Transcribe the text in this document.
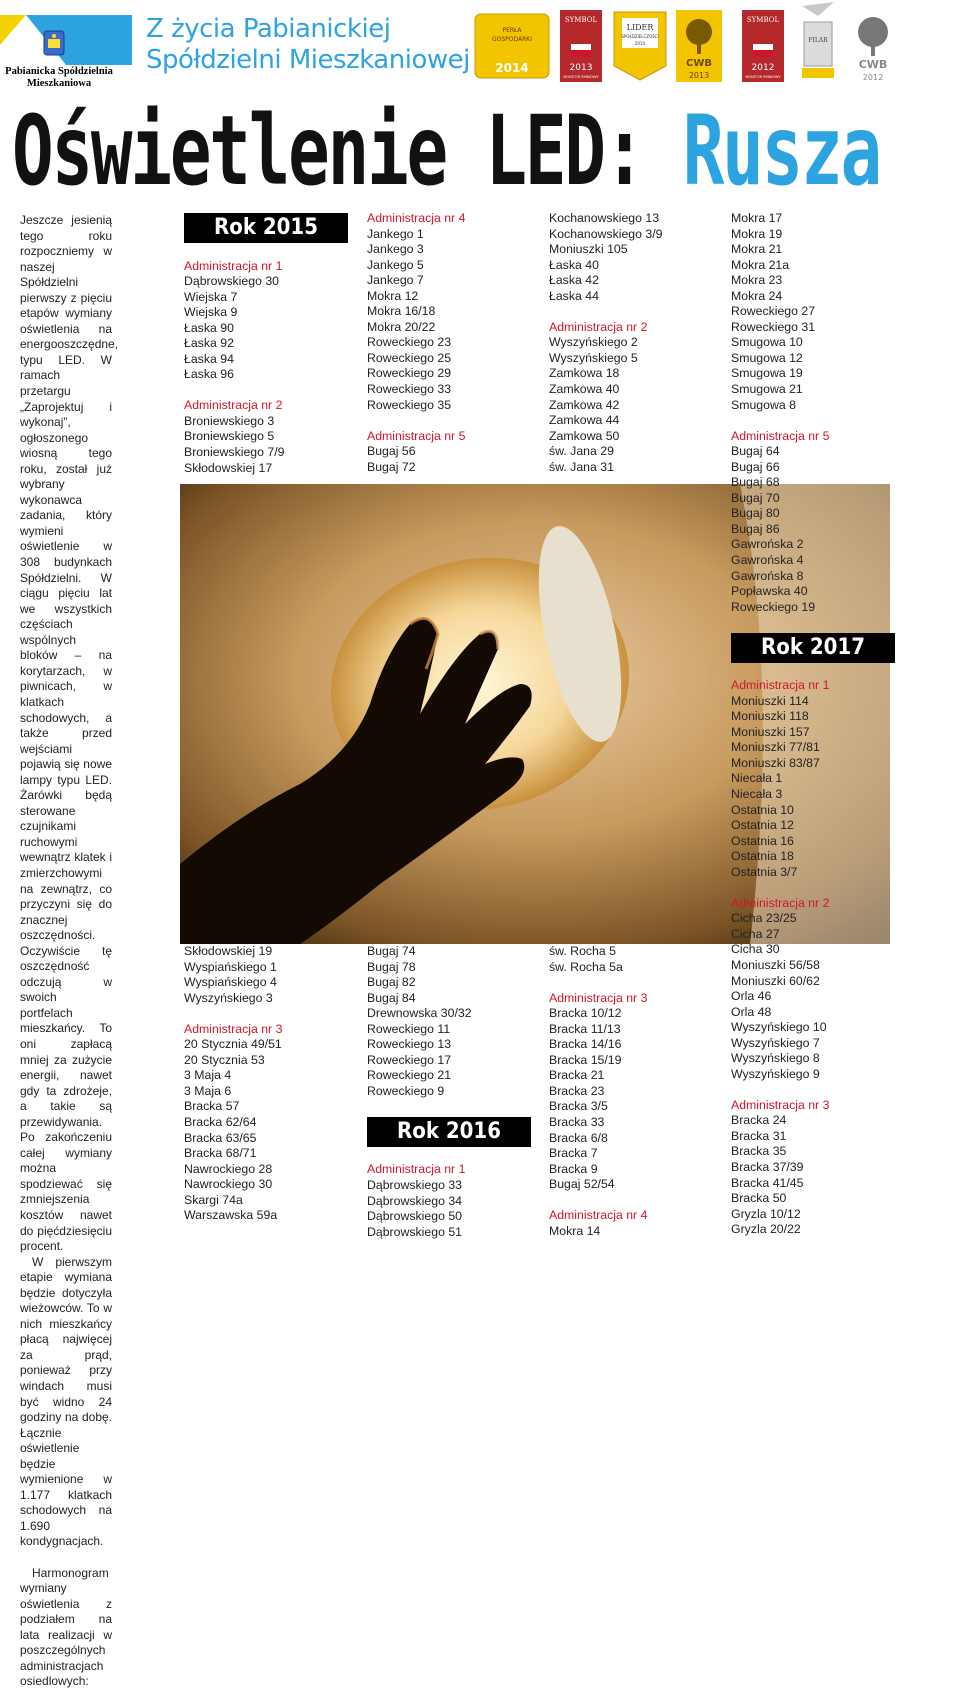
Pabianicka Spółdzielnia
Mieszkaniowa
Z życia Pabianickiej
Spółdzielni Mieszkaniowej
PERŁA
GOSPODARKI
2014
SYMBOL
2013
MONITOR RYNKOWY
LIDER
SPÓŁDZIELCZOŚCI
2014
CWB
2013
SYMBOL
2012
MONITOR RYNKOWY
FILAR
CWB
2012
Oświetlenie LED: Rusza

Jeszcze jesienią tego roku rozpoczniemy w naszej Spółdzielni pierwszy z pięciu etapów wymiany oświetlenia na energooszczędne, typu LED. W ramach przetargu „Zaprojektuj i wykonaj”, ogłoszonego wiosną tego roku, został już wybrany wykonawca zadania, który wymieni oświetlenie w 308 budynkach Spółdzielni. W ciągu pięciu lat we wszystkich częściach wspólnych bloków – na korytarzach, w piwnicach, w klatkach schodowych, a także przed wejściami pojawią się nowe lampy typu LED. Żarówki będą sterowane czujnikami ruchowymi wewnątrz klatek i zmierzchowymi na zewnątrz, co przyczyni się do znacznej oszczędności. Oczywiście tę oszczędność odczują w swoich portfelach mieszkańcy. To oni zapłacą mniej za zużycie energii, nawet gdy ta zdrożeje, a takie są przewidywania. Po zakończeniu całej wymiany można spodziewać się zmniejszenia kosztów nawet do pięćdziesięciu procent.

W pierwszym etapie wymiana będzie dotyczyła wieżowców. To w nich mieszkańcy płacą najwięcej za prąd, ponieważ przy windach musi być widno 24 godziny na dobę. Łącznie oświetlenie będzie wymienione w 1.177 klatkach schodowych na 1.690 kondygnacjach.

Harmonogram wymiany oświetlenia z podziałem na lata realizacji w poszczególnych administracjach osiedlowych:

Rok 2015
Administracja nr 1
Dąbrowskiego 30
Wiejska 7
Wiejska 9
Łaska 90
Łaska 92
Łaska 94
Łaska 96
Administracja nr 2
Broniewskiego 3
Broniewskiego 5
Broniewskiego 7/9
Skłodowskiej 17
Skłodowskiej 19
Wyspiańskiego 1
Wyspiańskiego 4
Wyszyńskiego 3
Administracja nr 3
20 Stycznia 49/51
20 Stycznia 53
3 Maja 4
3 Maja 6
Bracka 57
Bracka 62/64
Bracka 63/65
Bracka 68/71
Nawrockiego 28
Nawrockiego 30
Skargi 74a
Warszawska 59a
Administracja nr 4
Jankego 1
Jankego 3
Jankego 5
Jankego 7
Mokra 12
Mokra 16/18
Mokra 20/22
Roweckiego 23
Roweckiego 25
Roweckiego 29
Roweckiego 33
Roweckiego 35
Administracja nr 5
Bugaj 56
Bugaj 72
Bugaj 74
Bugaj 78
Bugaj 82
Bugaj 84
Drewnowska 30/32
Roweckiego 11
Roweckiego 13
Roweckiego 17
Roweckiego 21
Roweckiego 9
Rok 2016
Administracja nr 1
Dąbrowskiego 33
Dąbrowskiego 34
Dąbrowskiego 50
Dąbrowskiego 51
Kochanowskiego 13
Kochanowskiego 3/9
Moniuszki 105
Łaska 40
Łaska 42
Łaska 44
Administracja nr 2
Wyszyńskiego 2
Wyszyńskiego 5
Zamkowa 18
Zamkowa 40
Zamkowa 42
Zamkowa 44
Zamkowa 50
św. Jana 29
św. Jana 31
św. Rocha 5
św. Rocha 5a
Administracja nr 3
Bracka 10/12
Bracka 11/13
Bracka 14/16
Bracka 15/19
Bracka 21
Bracka 23
Bracka 3/5
Bracka 33
Bracka 6/8
Bracka 7
Bracka 9
Bugaj 52/54
Administracja nr 4
Mokra 14
Mokra 17
Mokra 19
Mokra 21
Mokra 21a
Mokra 23
Mokra 24
Roweckiego 27
Roweckiego 31
Smugowa 10
Smugowa 12
Smugowa 19
Smugowa 21
Smugowa 8
Administracja nr 5
Bugaj 64
Bugaj 66
Bugaj 68
Bugaj 70
Bugaj 80
Bugaj 86
Gawrońska 2
Gawrońska 4
Gawrońska 8
Popławska 40
Roweckiego 19
Rok 2017
Administracja nr 1
Moniuszki 114
Moniuszki 118
Moniuszki 157
Moniuszki 77/81
Moniuszki 83/87
Niecała 1
Niecała 3
Ostatnia 10
Ostatnia 12
Ostatnia 16
Ostatnia 18
Ostatnia 3/7
Administracja nr 2
Cicha 23/25
Cicha 27
Cicha 30
Moniuszki 56/58
Moniuszki 60/62
Orla 46
Orla 48
Wyszyńskiego 10
Wyszyńskiego 7
Wyszyńskiego 8
Wyszyńskiego 9
Administracja nr 3
Bracka 24
Bracka 31
Bracka 35
Bracka 37/39
Bracka 41/45
Bracka 50
Gryzla 10/12
Gryzla 20/22
